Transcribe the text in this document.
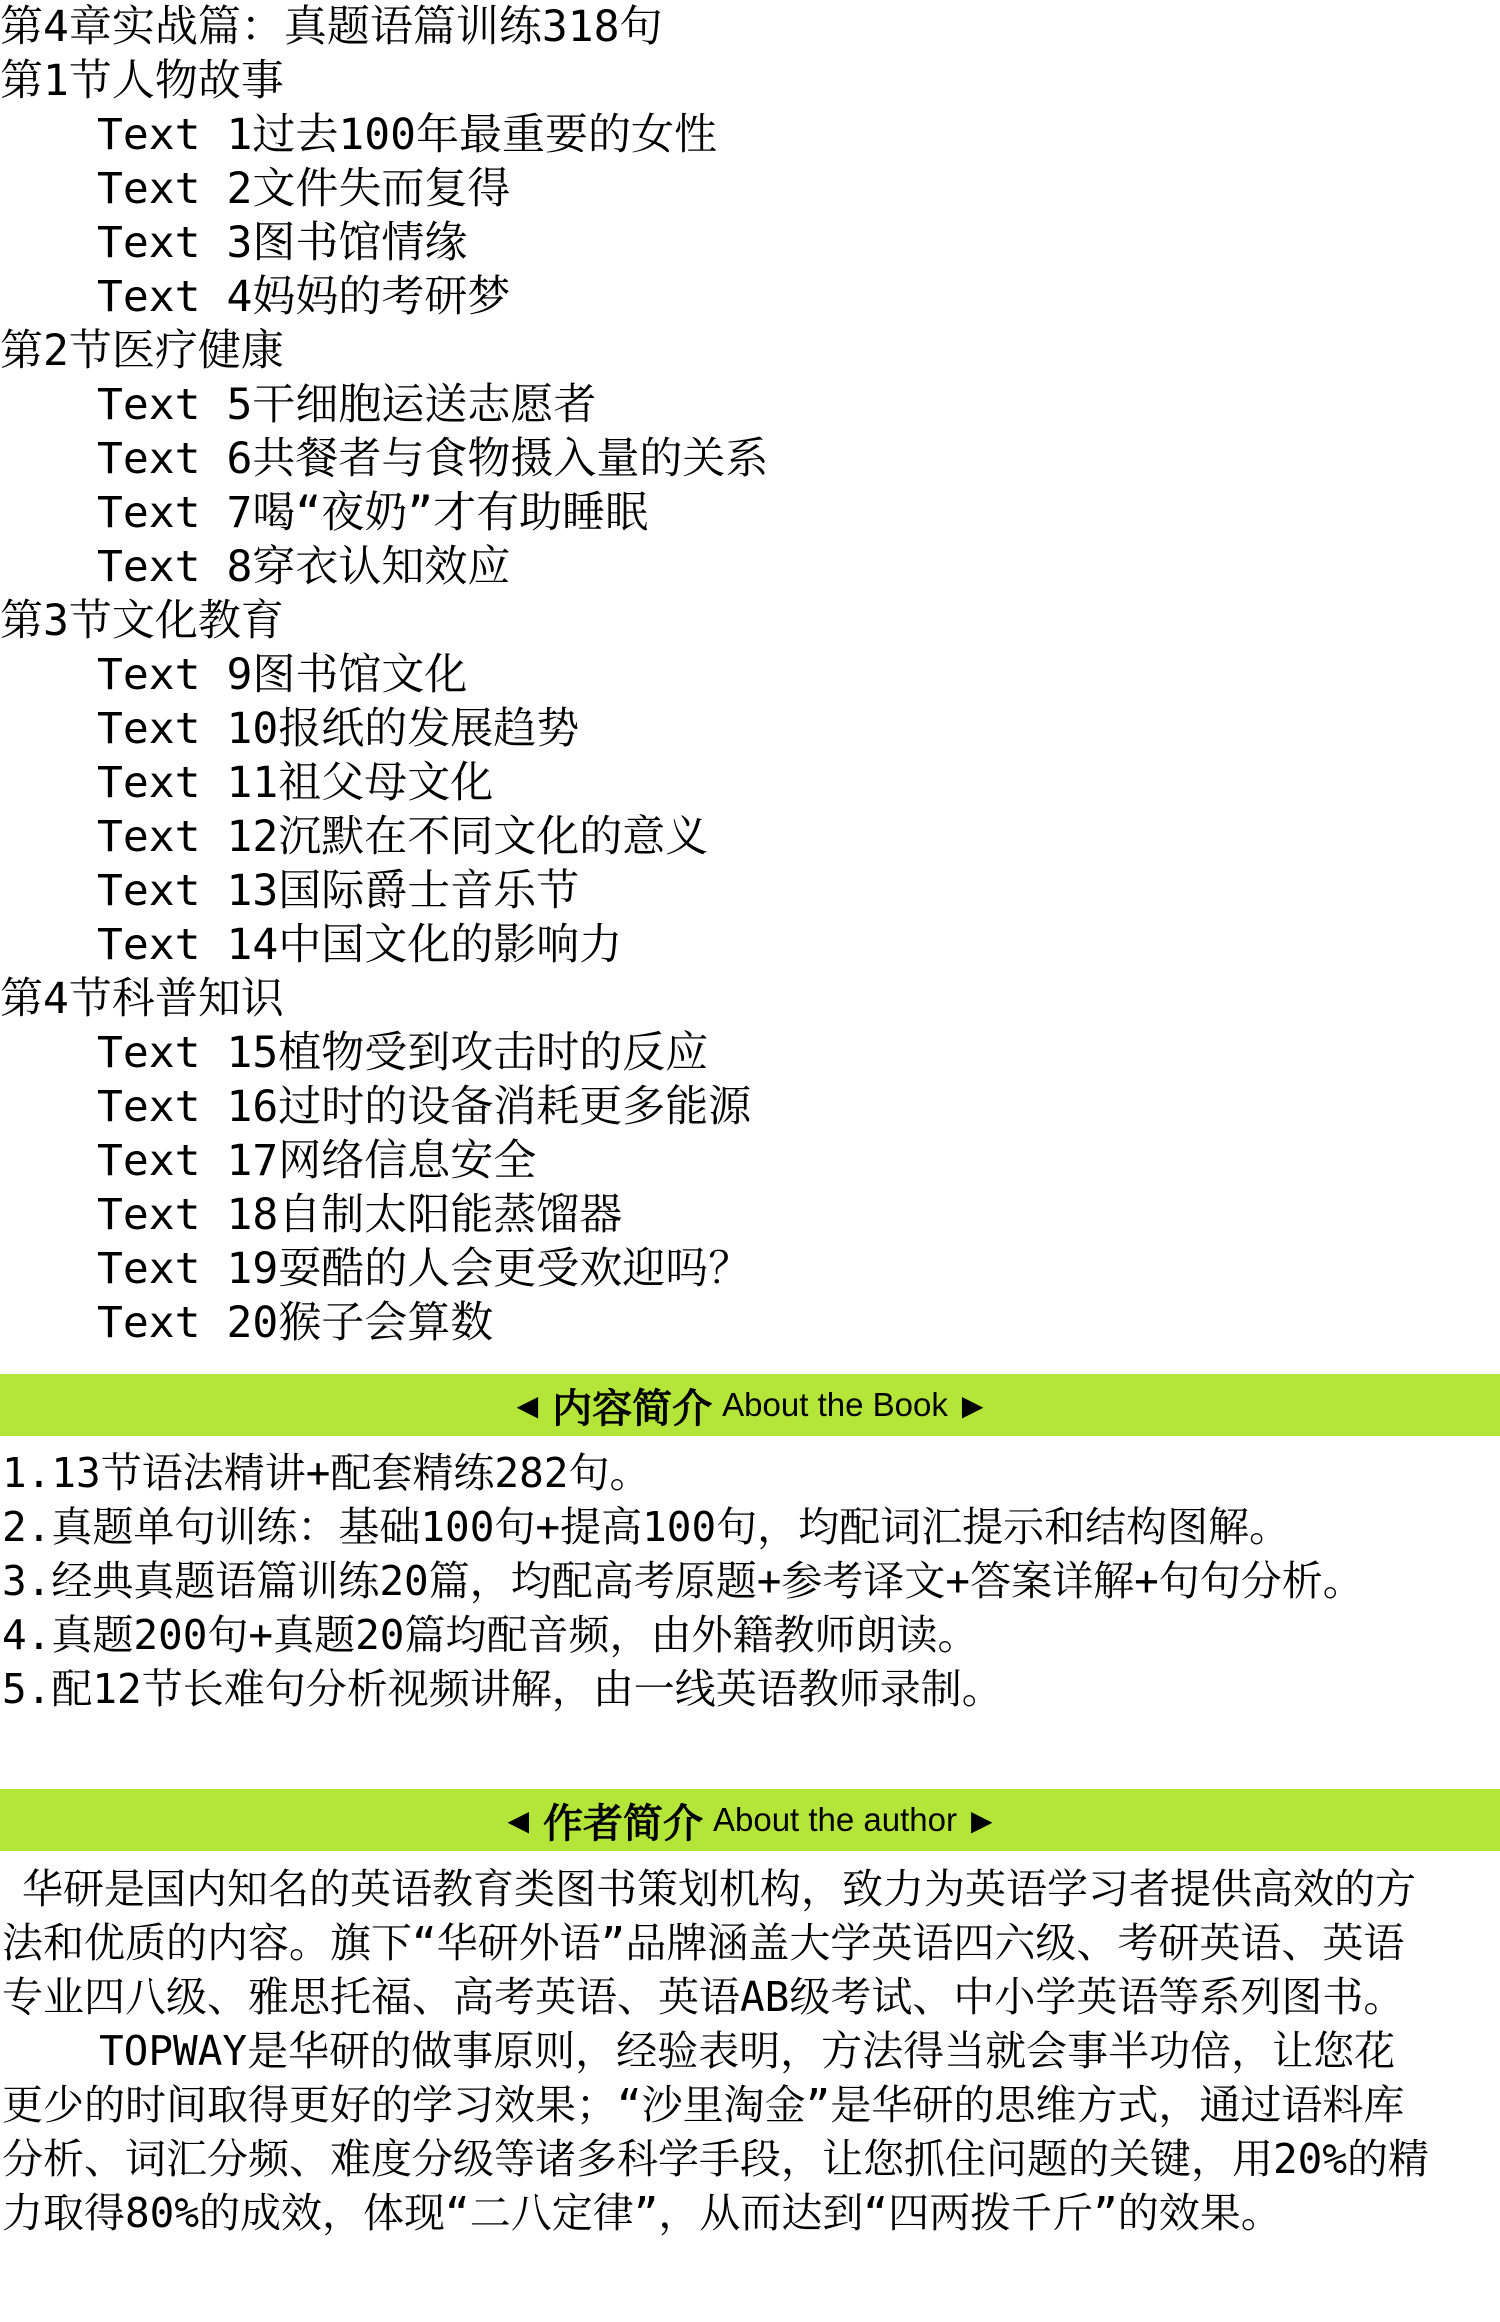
第4章实战篇：真题语篇训练318句
第1节人物故事
Text 1过去100年最重要的女性
Text 2文件失而复得
Text 3图书馆情缘
Text 4妈妈的考研梦
第2节医疗健康
Text 5干细胞运送志愿者
Text 6共餐者与食物摄入量的关系
Text 7喝“夜奶”才有助睡眠
Text 8穿衣认知效应
第3节文化教育
Text 9图书馆文化
Text 10报纸的发展趋势
Text 11祖父母文化
Text 12沉默在不同文化的意义
Text 13国际爵士音乐节
Text 14中国文化的影响力
第4节科普知识
Text 15植物受到攻击时的反应
Text 16过时的设备消耗更多能源
Text 17网络信息安全
Text 18自制太阳能蒸馏器
Text 19耍酷的人会更受欢迎吗？
Text 20猴子会算数
◀ 内容简介 About the Book ▶
1.13节语法精讲+配套精练282句。
2.真题单句训练：基础100句+提高100句，均配词汇提示和结构图解。
3.经典真题语篇训练20篇，均配高考原题+参考译文+答案详解+句句分析。
4.真题200句+真题20篇均配音频，由外籍教师朗读。
5.配12节长难句分析视频讲解，由一线英语教师录制。
◀ 作者简介 About the author ▶

华研是国内知名的英语教育类图书策划机构，致力为英语学习者提供高效的方法和优质的内容。旗下“华研外语”品牌涵盖大学英语四六级、考研英语、英语专业四八级、雅思托福、高考英语、英语AB级考试、中小学英语等系列图书。

TOPWAY是华研的做事原则，经验表明，方法得当就会事半功倍，让您花更少的时间取得更好的学习效果；“沙里淘金”是华研的思维方式，通过语料库分析、词汇分频、难度分级等诸多科学手段，让您抓住问题的关键，用20%的精力取得80%的成效，体现“二八定律”，从而达到“四两拨千斤”的效果。
